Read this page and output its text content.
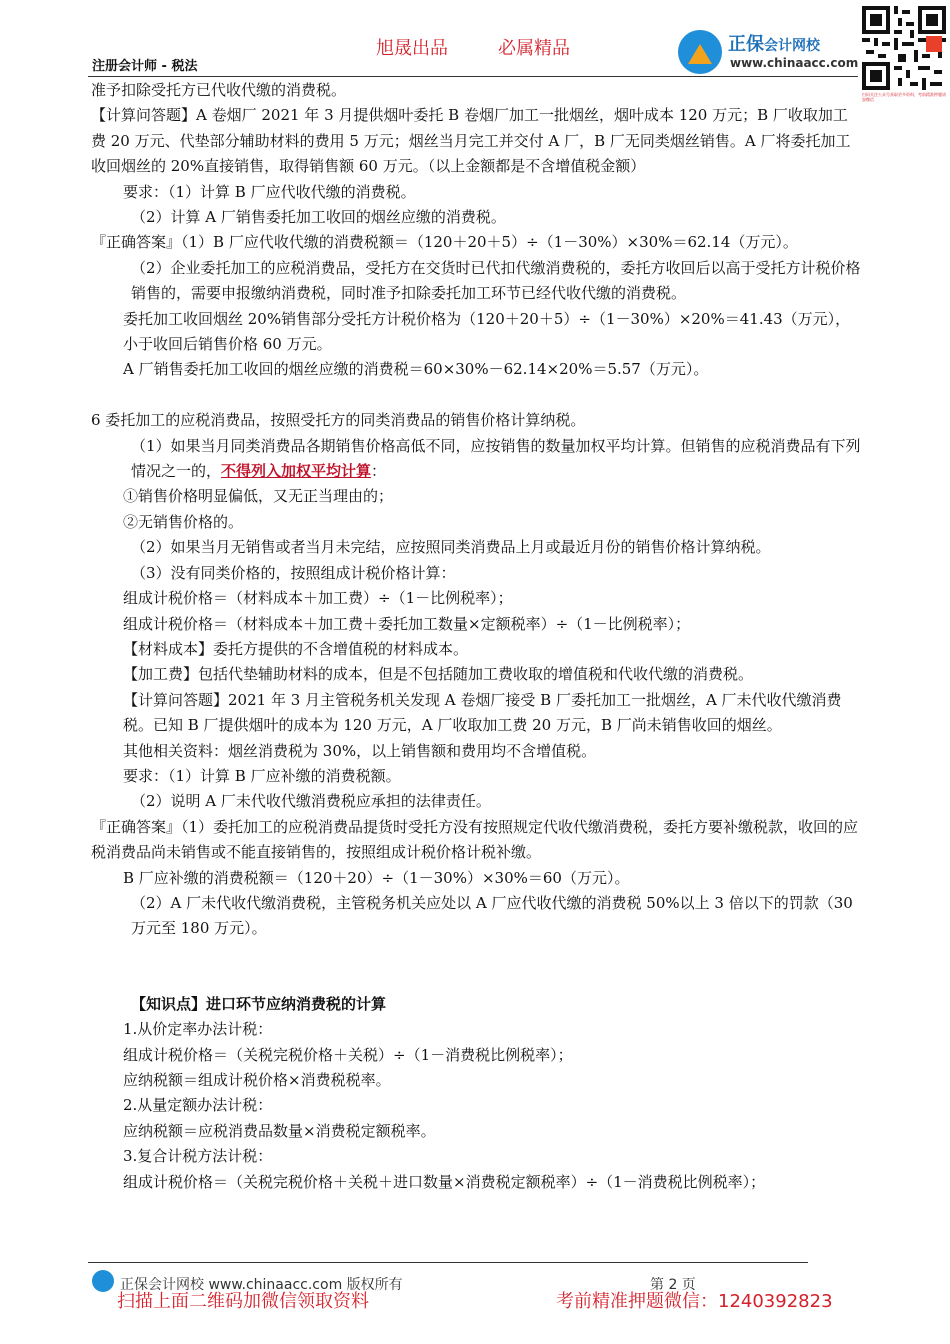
旭晟出品	必属精品
注册会计师 - 税法
正保会计网校
www.chinaacc.com
扫码关注公众号获取更多资料，考前精准押题请加微信

准予扣除受托方已代收代缴的消费税。

【计算问答题】A 卷烟厂 2021 年 3 月提供烟叶委托 B 卷烟厂加工一批烟丝，烟叶成本 120 万元；B 厂收取加工费 20 万元、代垫部分辅助材料的费用 5 万元；烟丝当月完工并交付 A 厂，B 厂无同类烟丝销售。A 厂将委托加工收回烟丝的 20%直接销售，取得销售额 60 万元。（以上金额都是不含增值税金额）

要求：（1）计算 B 厂应代收代缴的消费税。

（2）计算 A 厂销售委托加工收回的烟丝应缴的消费税。

『正确答案』（1）B 厂应代收代缴的消费税额＝（120＋20＋5）÷（1－30%）×30%＝62.14（万元）。

（2）企业委托加工的应税消费品，受托方在交货时已代扣代缴消费税的，委托方收回后以高于受托方计税价格销售的，需要申报缴纳消费税，同时准予扣除委托加工环节已经代收代缴的消费税。

委托加工收回烟丝 20%销售部分受托方计税价格为（120＋20＋5）÷（1－30%）×20%＝41.43（万元），小于收回后销售价格 60 万元。

A 厂销售委托加工收回的烟丝应缴的消费税＝60×30%－62.14×20%＝5.57（万元）。

6 委托加工的应税消费品，按照受托方的同类消费品的销售价格计算纳税。

（1）如果当月同类消费品各期销售价格高低不同，应按销售的数量加权平均计算。但销售的应税消费品有下列情况之一的，不得列入加权平均计算：

①销售价格明显偏低，又无正当理由的；

②无销售价格的。

（2）如果当月无销售或者当月未完结，应按照同类消费品上月或最近月份的销售价格计算纳税。

（3）没有同类价格的，按照组成计税价格计算：

组成计税价格＝（材料成本＋加工费）÷（1－比例税率）；

组成计税价格＝（材料成本＋加工费＋委托加工数量×定额税率）÷（1－比例税率）；

【材料成本】委托方提供的不含增值税的材料成本。

【加工费】包括代垫辅助材料的成本，但是不包括随加工费收取的增值税和代收代缴的消费税。

【计算问答题】2021 年 3 月主管税务机关发现 A 卷烟厂接受 B 厂委托加工一批烟丝，A 厂未代收代缴消费税。已知 B 厂提供烟叶的成本为 120 万元，A 厂收取加工费 20 万元，B 厂尚未销售收回的烟丝。

其他相关资料：烟丝消费税为 30%，以上销售额和费用均不含增值税。

要求：（1）计算 B 厂应补缴的消费税额。

（2）说明 A 厂未代收代缴消费税应承担的法律责任。

『正确答案』（1）委托加工的应税消费品提货时受托方没有按照规定代收代缴消费税，委托方要补缴税款，收回的应税消费品尚未销售或不能直接销售的，按照组成计税价格计税补缴。

B 厂应补缴的消费税额＝（120＋20）÷（1－30%）×30%＝60（万元）。

（2）A 厂未代收代缴消费税，主管税务机关应处以 A 厂应代收代缴的消费税 50%以上 3 倍以下的罚款（30 万元至 180 万元）。

【知识点】进口环节应纳消费税的计算

1.从价定率办法计税：

组成计税价格＝（关税完税价格＋关税）÷（1－消费税比例税率）；

应纳税额＝组成计税价格×消费税税率。

2.从量定额办法计税：

应纳税额＝应税消费品数量×消费税定额税率。

3.复合计税方法计税：

组成计税价格＝（关税完税价格＋关税＋进口数量×消费税定额税率）÷（1－消费税比例税率）；

正保会计网校 www.chinaacc.com 版权所有	第 2 页
扫描上面二维码加微信领取资料	考前精准押题微信：1240392823
